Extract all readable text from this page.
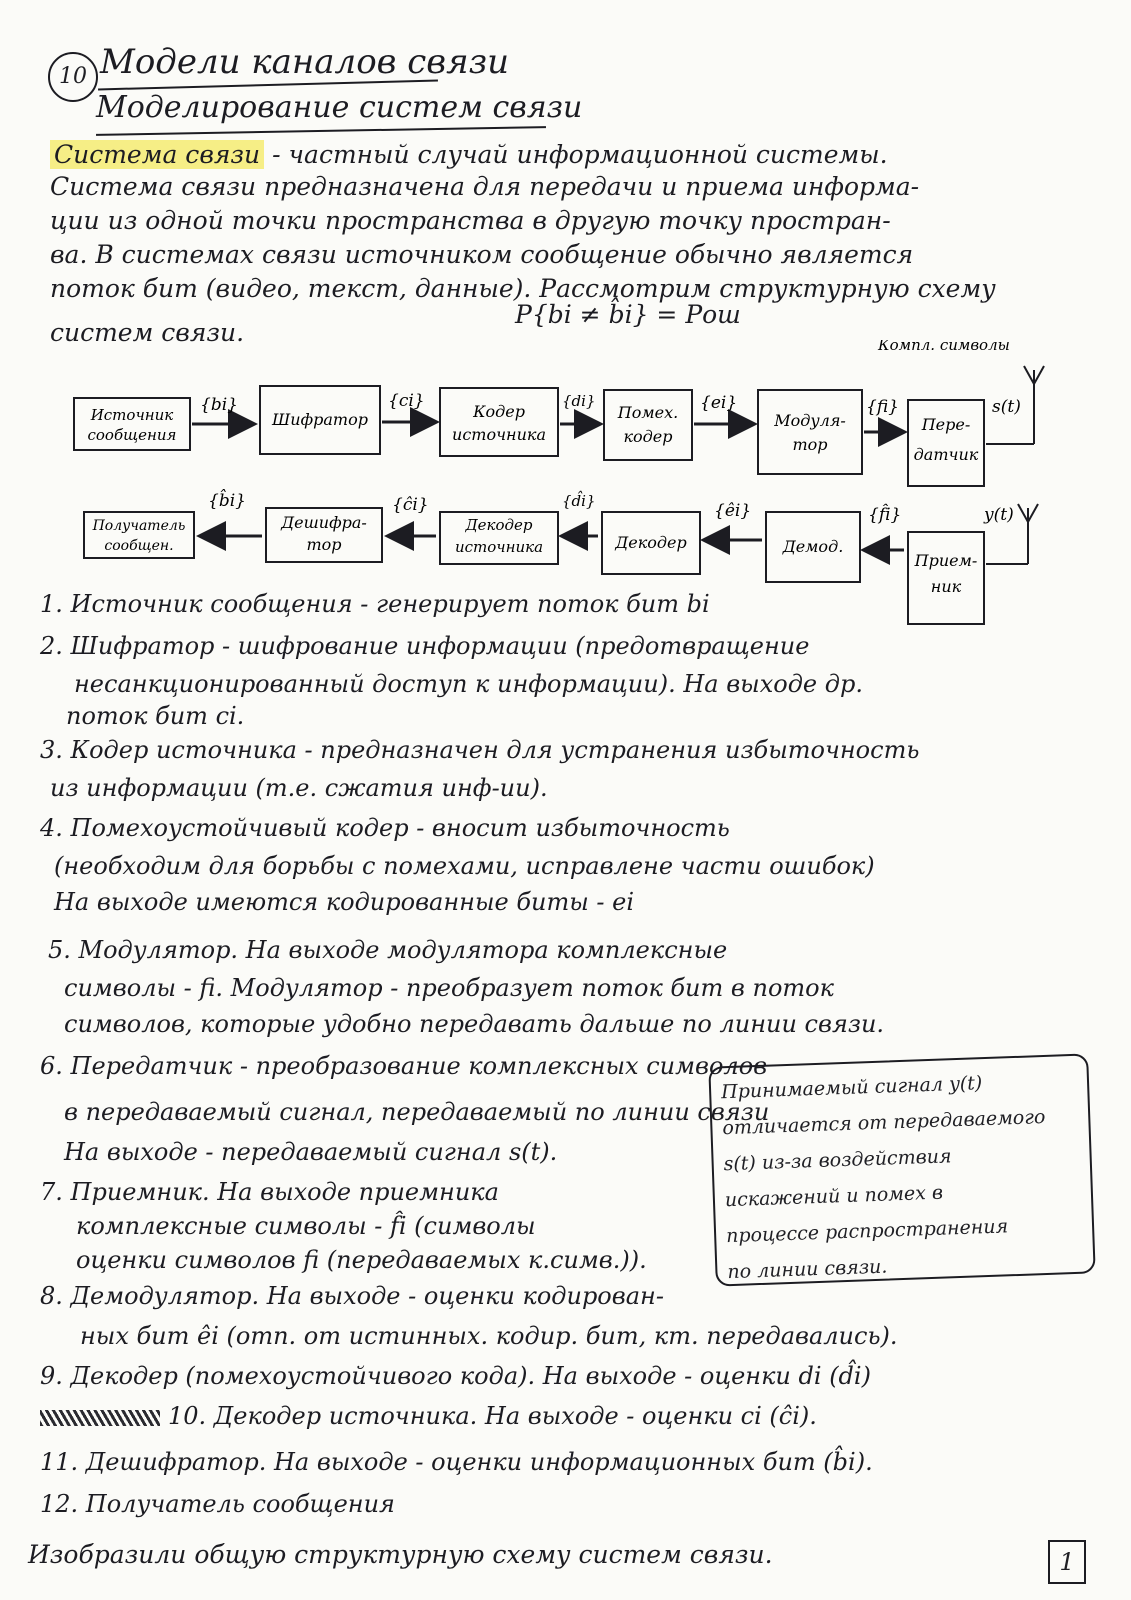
10 Модели каналов связи
Моделирование систем связи
Система связи - частный случай информационной системы.
Система связи предназначена для передачи и приема информа-
ции из одной точки пространства в другую точку простран-
ва. В системах связи источником сообщение обычно является
поток бит (видео, текст, данные). Рассмотрим структурную схему
систем связи.
P{bi ≠ b̂i} = Pош
Компл. символы
Источник
сообщения
Шифратор	Кодер
источника
Помех.
кодер
Модуля-
тор
Пере-
датчик
{bi}	{ci}	{di}	{ei}	{fi}	s(t)
Получатель
сообщен.
Дешифра-
тор
Декодер
источника	Декодер	Демод.
Прием-
ник
{b̂i}	{ĉi}	{d̂i}	{êi}	{f̂i}	y(t)
1. Источник сообщения - генерирует поток бит bi
2. Шифратор - шифрование информации (предотвращение
несанкционированный доступ к информации). На выходе др.
поток бит ci.
3. Кодер источника - предназначен для устранения избыточность
из информации (т.е. сжатия инф-ии).
4. Помехоустойчивый кодер - вносит избыточность
(необходим для борьбы с помехами, исправлене части ошибок)
На выходе имеются кодированные биты - ei
5. Модулятор. На выходе модулятора комплексные
символы - fi. Модулятор - преобразует поток бит в поток
символов, которые удобно передавать дальше по линии связи.
6. Передатчик - преобразование комплексных символов
в передаваемый сигнал, передаваемый по линии связи
На выходе - передаваемый сигнал s(t).
7. Приемник. На выходе приемника
комплексные символы - f̂i (символы
оценки символов fi (передаваемых к.симв.)).
8. Демодулятор. На выходе - оценки кодирован-
ных бит êi (отп. от истинных. кодир. бит, кт. передавались).
9. Декодер (помехоустойчивого кода). На выходе - оценки di (d̂i)
10. Декодер источника. На выходе - оценки ci (ĉi).
11. Дешифратор. На выходе - оценки информационных бит (b̂i).
12. Получатель сообщения
Принимаемый сигнал y(t)
отличается от передаваемого
s(t) из-за воздействия
искажений и помех в
процессе распространения
по линии связи.
Изобразили общую структурную схему систем связи.	1
